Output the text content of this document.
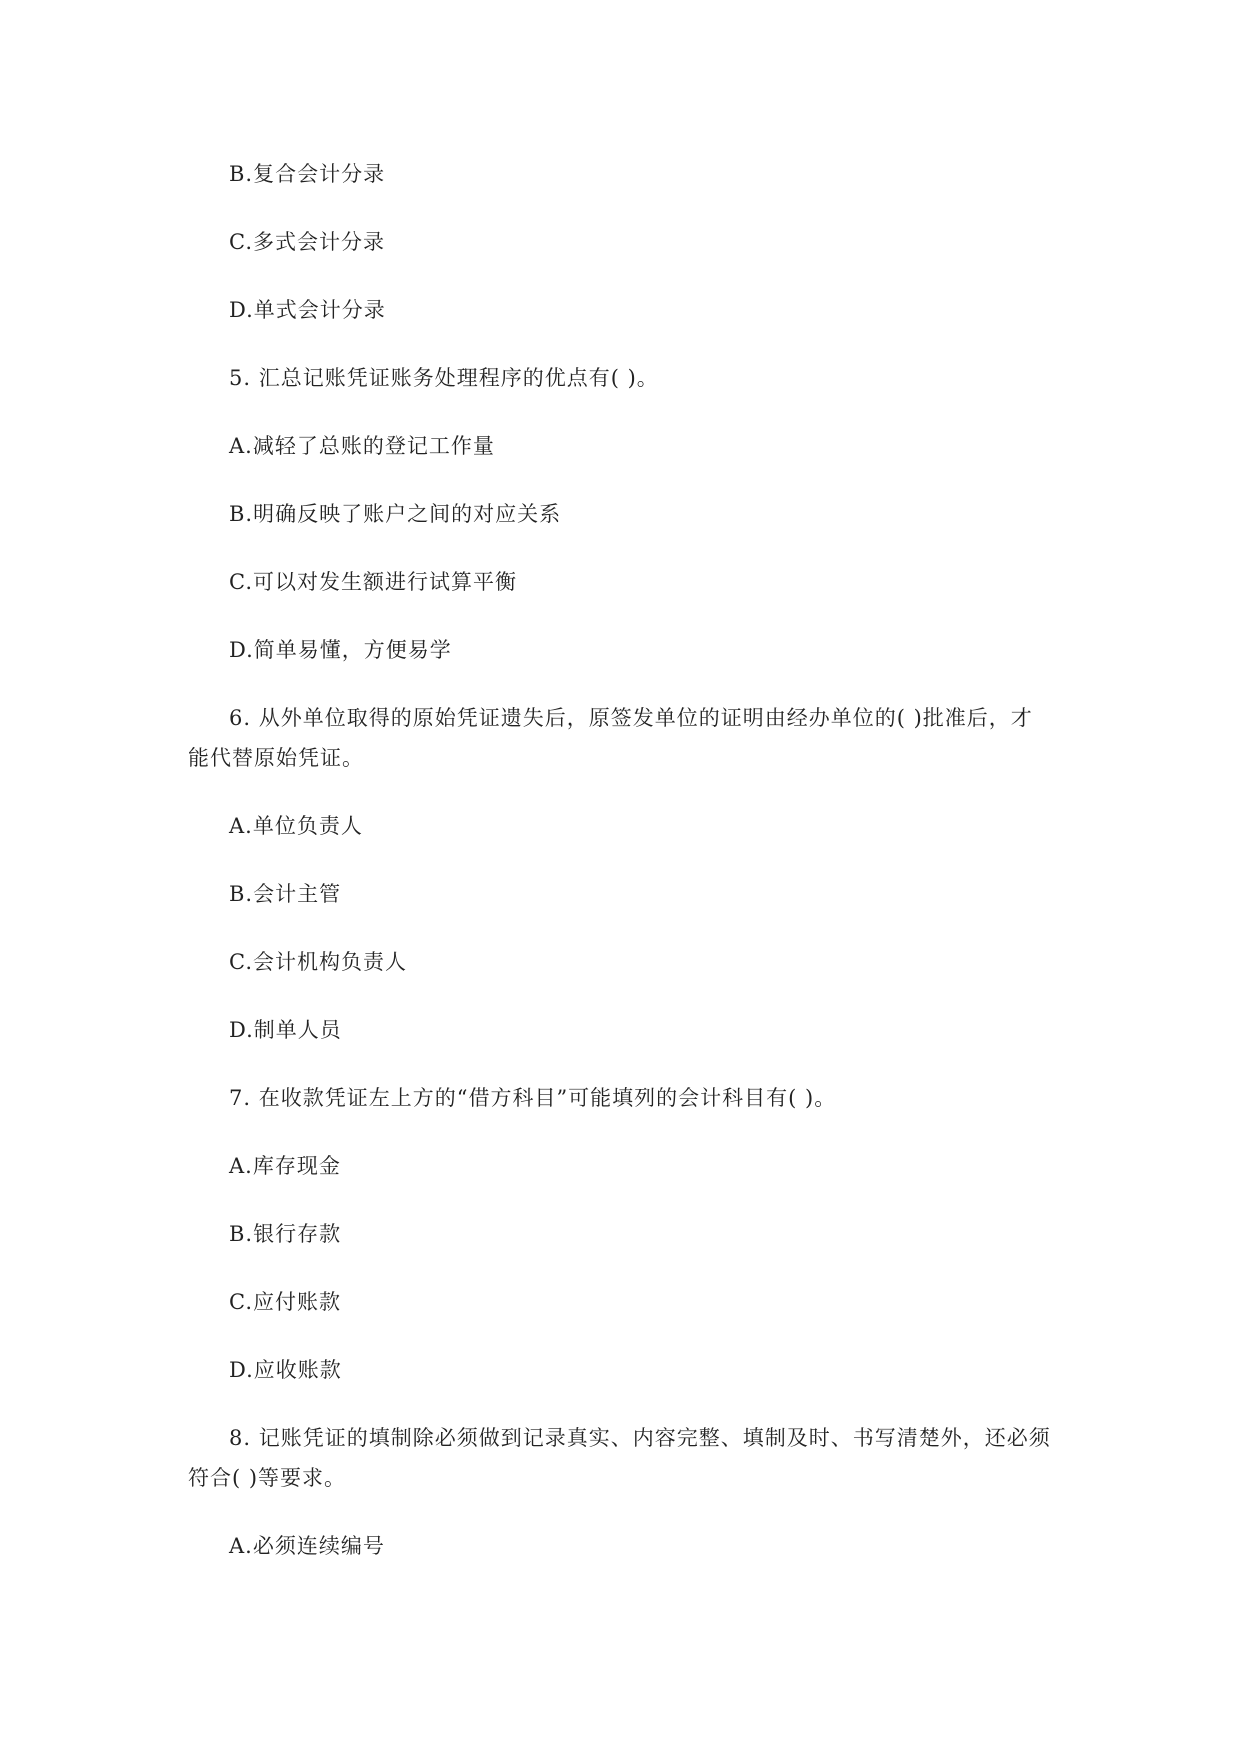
B.复合会计分录
C.多式会计分录
D.单式会计分录
5. 汇总记账凭证账务处理程序的优点有( )。
A.减轻了总账的登记工作量
B.明确反映了账户之间的对应关系
C.可以对发生额进行试算平衡
D.简单易懂，方便易学
6. 从外单位取得的原始凭证遗失后，原签发单位的证明由经办单位的( )批准后，才
能代替原始凭证。
A.单位负责人
B.会计主管
C.会计机构负责人
D.制单人员
7. 在收款凭证左上方的“借方科目”可能填列的会计科目有( )。
A.库存现金
B.银行存款
C.应付账款
D.应收账款
8. 记账凭证的填制除必须做到记录真实、内容完整、填制及时、书写清楚外，还必须
符合( )等要求。
A.必须连续编号
